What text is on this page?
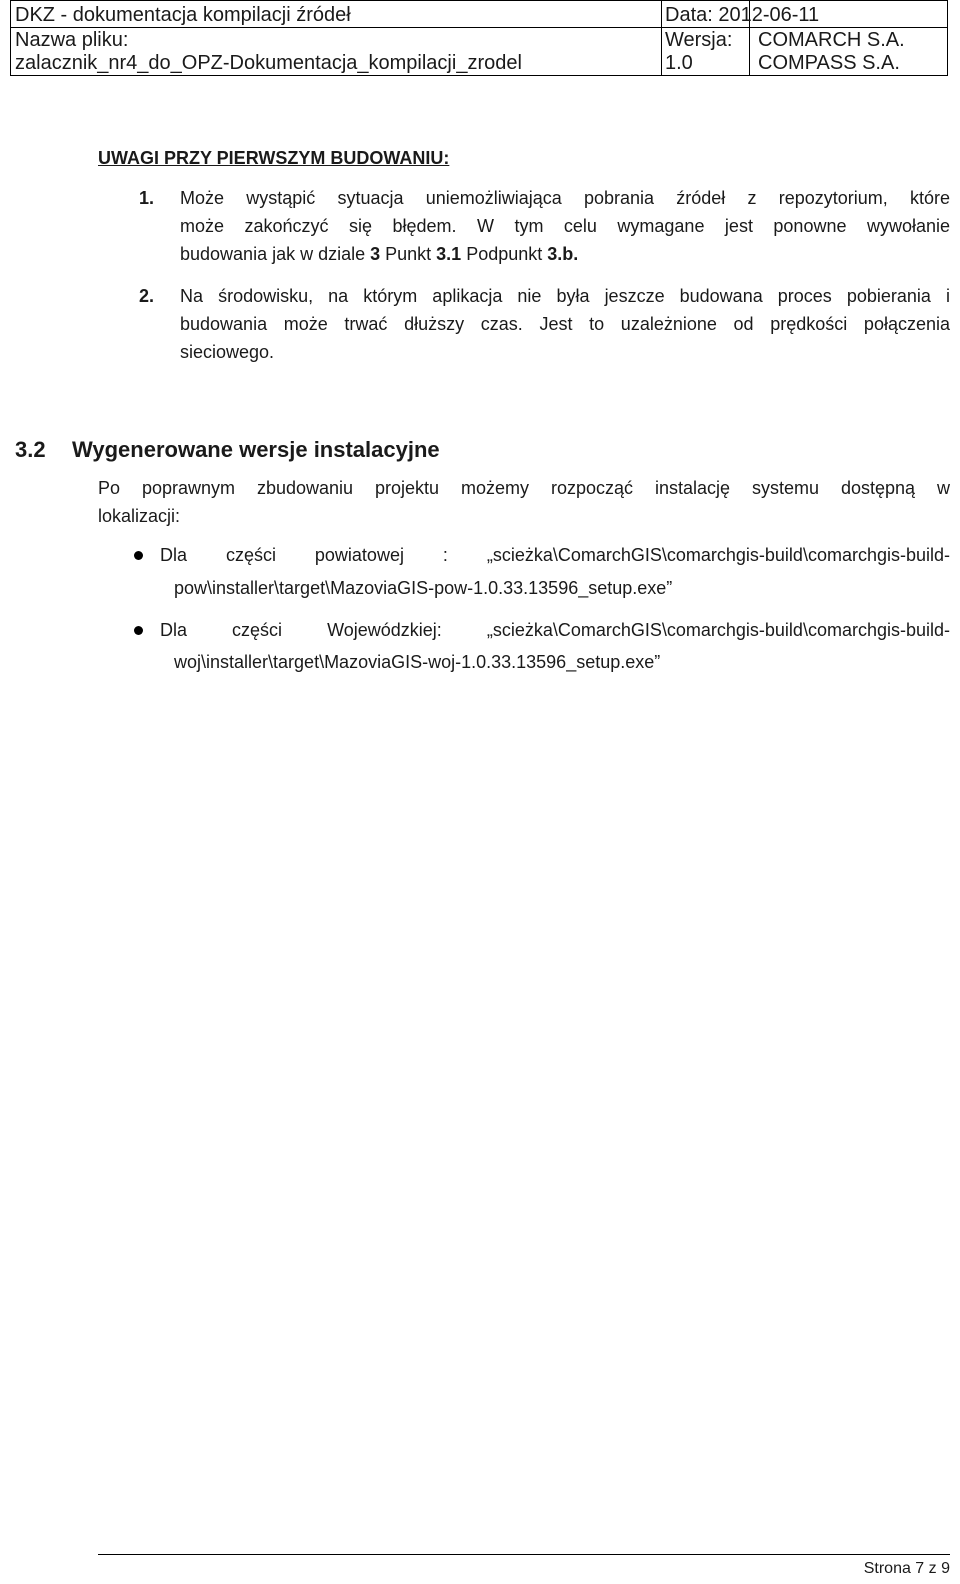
DKZ - dokumentacja kompilacji źródeł	Data: 2012-06-11
Nazwa pliku:
zalacznik_nr4_do_OPZ-Dokumentacja_kompilacji_zrodel
Wersja:
1.0
COMARCH S.A.
COMPASS S.A.
UWAGI PRZY PIERWSZYM BUDOWANIU:
1. Może wystąpić sytuacja uniemożliwiająca pobrania źródeł z repozytorium, które
może zakończyć się błędem. W tym celu wymagane jest ponowne wywołanie
budowania jak w dziale 3 Punkt 3.1 Podpunkt 3.b.
2. Na środowisku, na którym aplikacja nie była jeszcze budowana proces pobierania i
budowania może trwać dłuższy czas. Jest to uzależnione od prędkości połączenia
sieciowego.
3.2 Wygenerowane wersje instalacyjne
Po poprawnym zbudowaniu projektu możemy rozpocząć instalację systemu dostępną w
lokalizacji:
Dla części powiatowej : „scieżka\ComarchGIS\comarchgis-build\comarchgis-build-
pow\installer\target\MazoviaGIS-pow-1.0.33.13596_setup.exe”
Dla części Wojewódzkiej: „scieżka\ComarchGIS\comarchgis-build\comarchgis-build-
woj\installer\target\MazoviaGIS-woj-1.0.33.13596_setup.exe”
Strona 7 z 9
